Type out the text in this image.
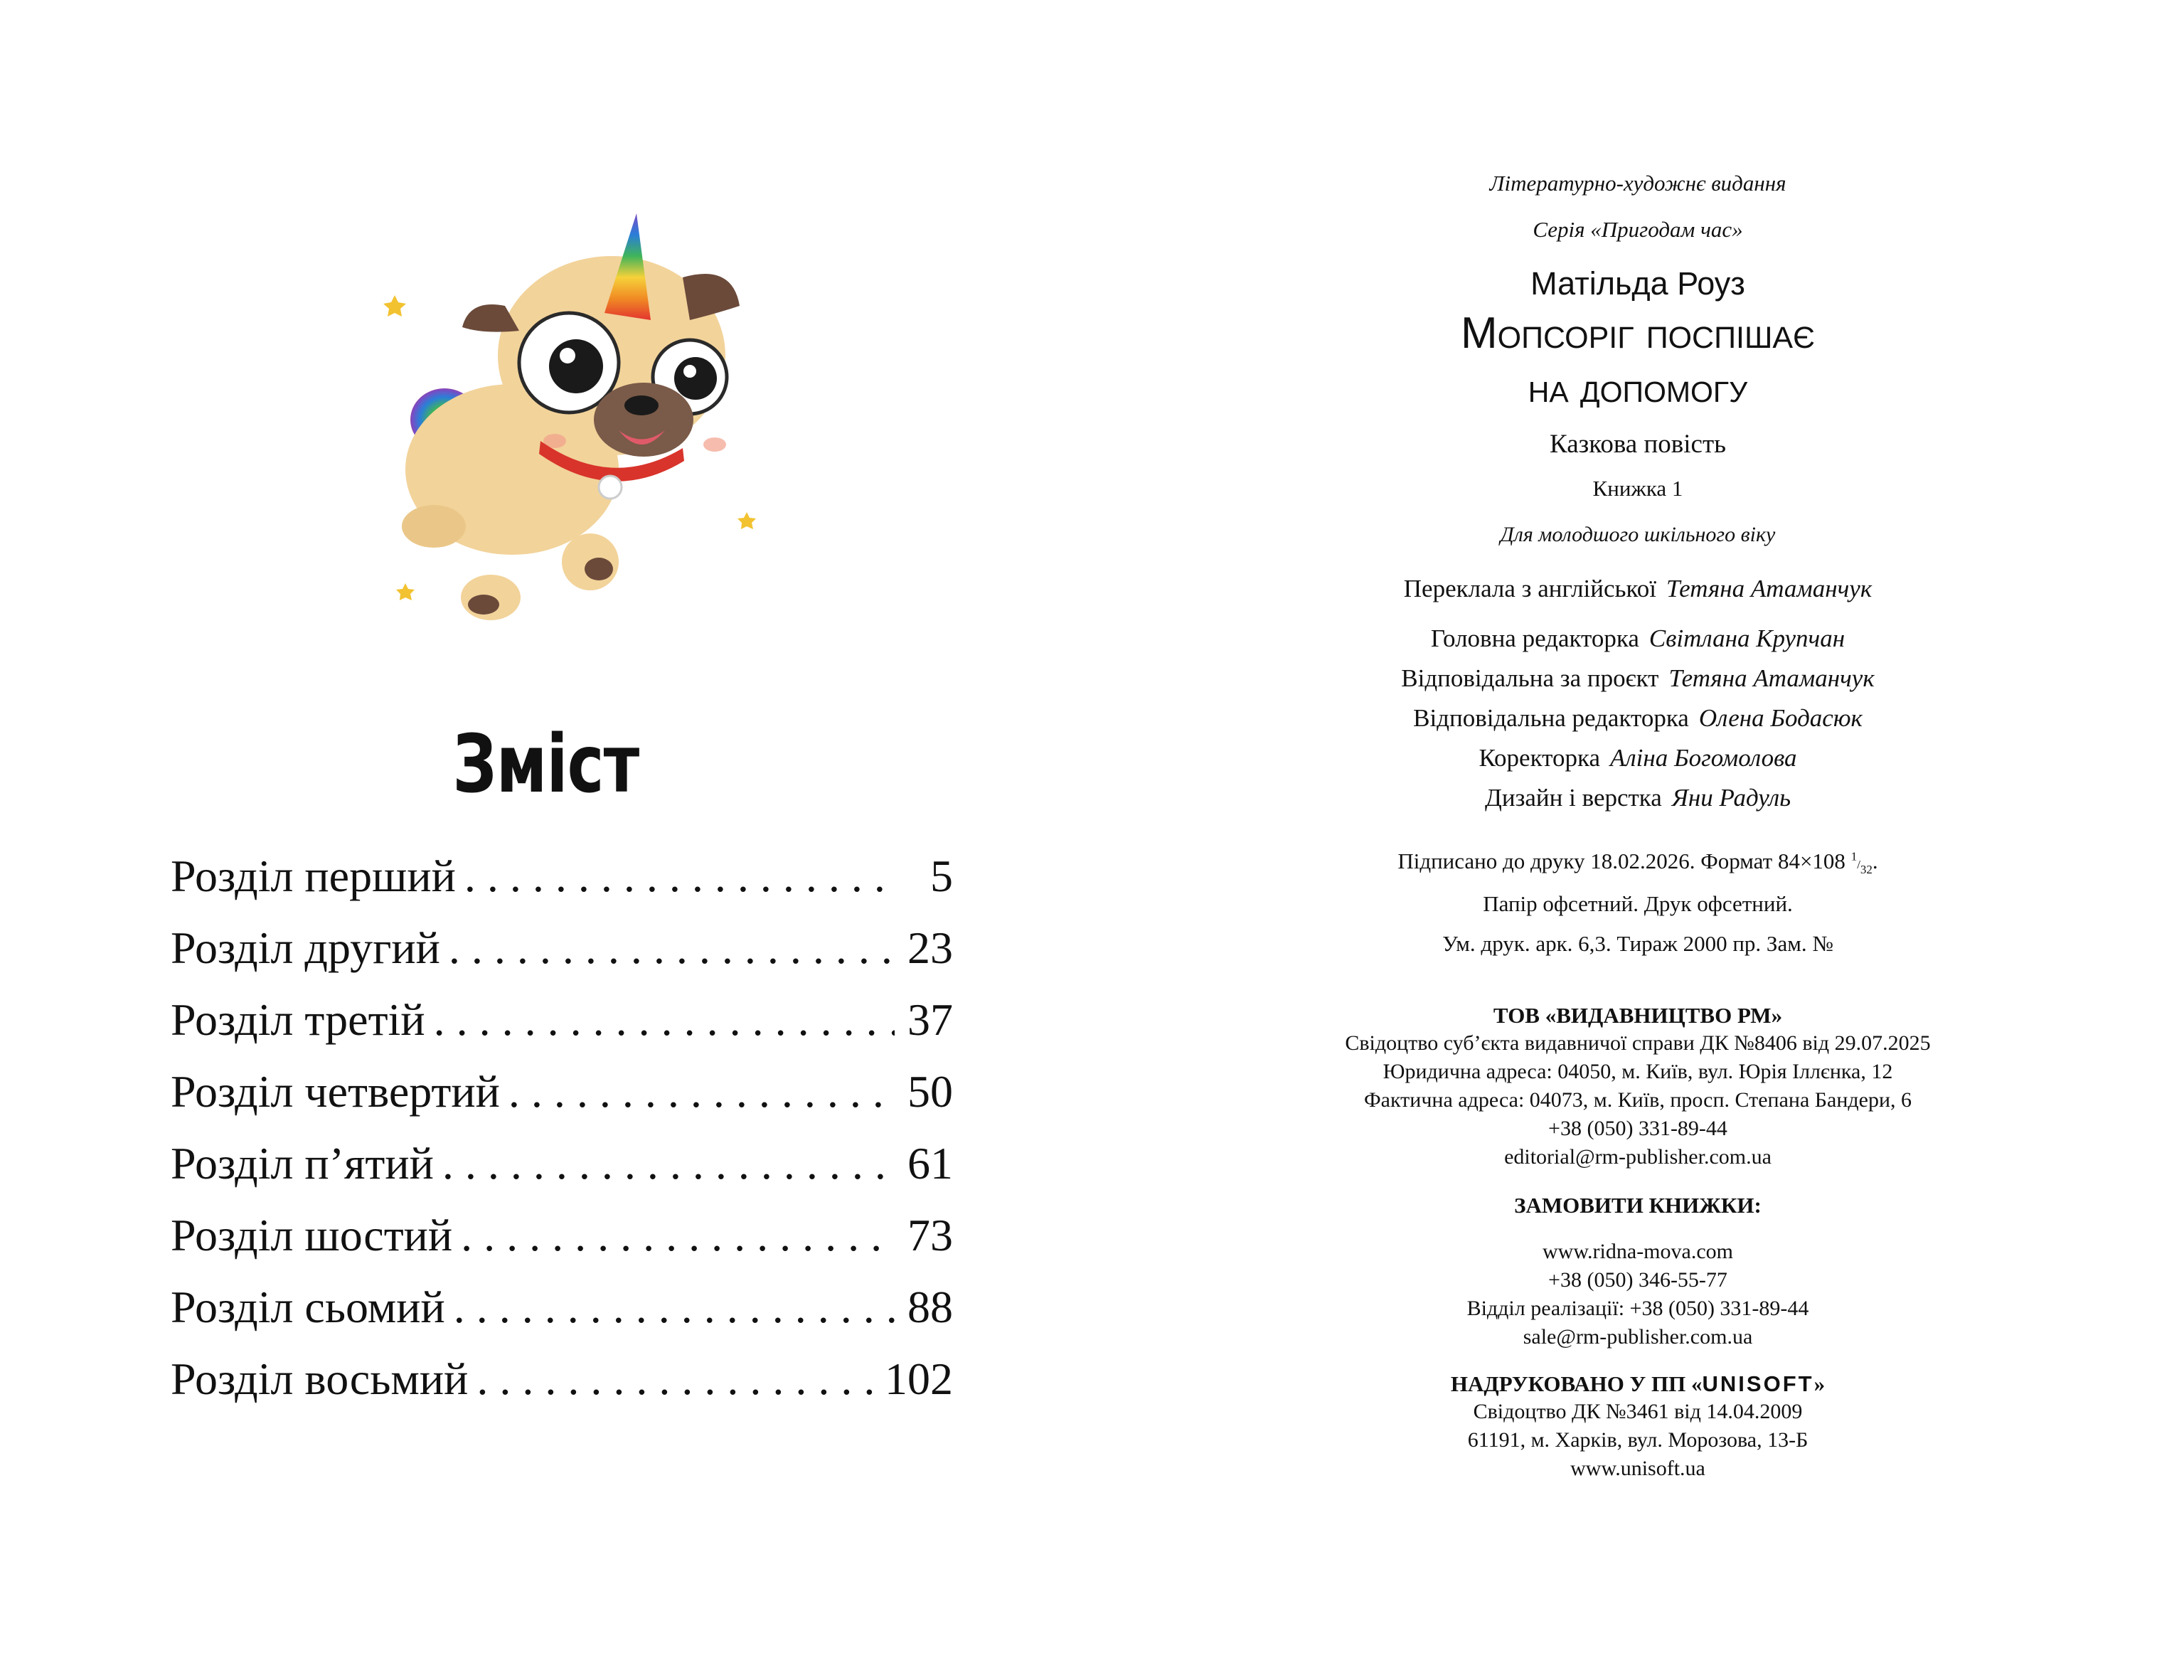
Зміст
Розділ перший . . .	5
Розділ другий . . .	23
Розділ третій . . .	37
Розділ четвертий . . .	50
Розділ п’ятий . . .	61
Розділ шостий . . .	73
Розділ сьомий . . .	88
Розділ восьмий . . .	102
Літературно-художнє видання
Серія «Пригодам час»
Матільда Роуз
Мопсоріг поспішає
на допомогу
Казкова повість
Книжка 1
Для молодшого шкільного віку
Переклала з англійської Тетяна Атаманчук
Головна редакторка Світлана Крупчан
Відповідальна за проєкт Тетяна Атаманчук
Відповідальна редакторка Олена Бодасюк
Коректорка Аліна Богомолова
Дизайн і верстка Яни Радуль
Підписано до друку 18.02.2026. Формат 84×108 $^1/_{32}$.
Папір офсетний. Друк офсетний.
Ум. друк. арк. 6,3. Тираж 2000 пр. Зам. №
ТОВ «ВИДАВНИЦТВО РМ»
Свідоцтво суб’єкта видавничої справи ДК №8406 від 29.07.2025
Юридична адреса: 04050, м. Київ, вул. Юрія Іллєнка, 12
Фактична адреса: 04073, м. Київ, просп. Степана Бандери, 6
+38 (050) 331-89-44
editorial@rm-publisher.com.ua
ЗАМОВИТИ КНИЖКИ:
www.ridna-mova.com
+38 (050) 346-55-77
Відділ реалізації: +38 (050) 331-89-44
sale@rm-publisher.com.ua
НАДРУКОВАНО У ПП «UNISOFT»
Свідоцтво ДК №3461 від 14.04.2009
61191, м. Харків, вул. Морозова, 13-Б
www.unisoft.ua
